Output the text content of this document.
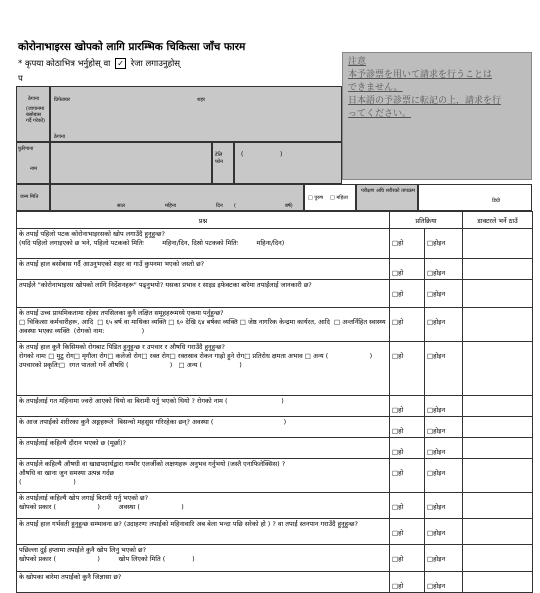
कोरोनाभाइरस खोपको लागि प्रारम्भिक चिकित्सा जाँच फारम
* कृपया कोठाभित्र भर्नुहोस् वा ✓ रेजा लगाउनुहोस्
प
注意
本予診票を用いて請求を行うことは
できません。
日本語の予診票に転記の上，請求を行
ってください。
ठेगाना
(जापानमा बसोबास गर्दै गरेको)
प्रिफेक्चर	शहर
ठेगाना
फुरिगाना
नाम
टेलि फोन
(	)
जन्म मिति
साल	महिना	दिन (	बर्ष)
□ पुरुष □ महिला
परीक्षण अघि शरीरको तापक्रम
डिग्री
प्रश्न	प्रतिक्रिया		डाक्टरले भर्ने ठाउँ
के तपाईं पहिलो पटक कोरोनाभाइरसको खोप लगाउँदै हुनुहुन्छ?
(यदि पहिलो लगाइएको छ भने, पहिलो पटकको मितिः         महिना/दिन, दिस्रो पटकको मितिः         महिना/दिन)	□हो	□होइन	
के तपाईं हाल बसोबास गर्दै आउनुभएको शहर वा गाउँ कुपनमा भएको जस्तो छ?	□हो	□होइन	
तपाईंले "कोरोनाभाइरस खोपको लागि निर्देशनहरू" पढ्नुभयो? यसका प्रभाव र साइड इफेक्टका बारेमा तपाईंलाई जानकारी छ?	□हो	□होइन	
के तपाईं उच्च प्राथमिकतामा रहेका तपसिलका कुनै लक्षित समूहहरूमध्ये एकमा पर्नुहुन्छ?
□ चिकित्सा कर्मचारीहरू, आदि  □ ६५ बर्ष वा माथिका व्यक्ति □ ६० देखि ६४ बर्षका व्यक्ति □ जेष्ठ नागरिक केन्द्रमा कार्यरत, आदि  □ अन्तर्निहित स्वास्थ्य अवस्था भएका व्यक्ति  (रोगको नाम:                  )	□हो	□होइन	
के तपाईं हाल कुनै किसिमको रोगबाट पिडित हुनुहुन्छ र उपचार र औषधि गराउँदै हुनुहुन्छ?
रोगको नामः □ मुटु रोग□ मृगौला रोग□ कलेजो रोग□ रक्त रोग□ रक्तस्राव रोकन गाह्रो हुने रोग□ प्रतिरोध क्षमता अभाव □ अन्य (                    )
उपचारको प्रकृतिः□  रगत पातलो गर्ने औषधि (                    )   □ अन्य (                  )	□हो	□होइन	
के तपाईंलाई गत महिनामा ज्वरो आएको थियो वा बिरामी पर्नु भएको थियो ? रोगको नाम (                          )	□हो	□होइन	
के आज तपाईंको शरीरका कुनै अङ्गहरूले  बिसन्चो महसुस गरिरहेका छन्? अवस्था (                                  )	□हो	□होइन	
के तपाईंलाई कहिल्यै दौरान भएको छ (मूर्छा)?	□हो	□होइन	
के तपाईंले कहिल्यै औषधी वा खाद्यपदार्थद्वारा गम्भीर एलर्जीको लक्षणहरू अनुभव गर्नुभयो (जस्तै एनाफिलेक्सिस) ?
औषधि वा खाना जुन समस्या उत्पन्न गर्दछ
(                         )	□हो	□होइन	
के तपाईंलाई कहिल्यै खोप लगाई बिरामी पर्नु भएको छ?
खोपको प्रकार (                    )         अवस्था (                    )	□हो	□होइन	
के तपाईं हाल गर्भवती हुनुहुन्छ सम्भावना छ? (उदाहरणः तपाईंको महिनावारि अब बेला भन्दा पछि सरेको हो ) ? वा तपाईं स्तनपान गराउँदै हुनुहुन्छ?	□हो	□होइन	
पछिल्ला दुई हप्तामा तपाईंले कुनै खोप लिनु भएको छ?
खोपको प्रकार (                    )         खोप लिएको मिति (             )	□हो	□होइन	
के खोपका बारेमा तपाईंको कुनै जिज्ञासा छ?	□हो	□होइन	
